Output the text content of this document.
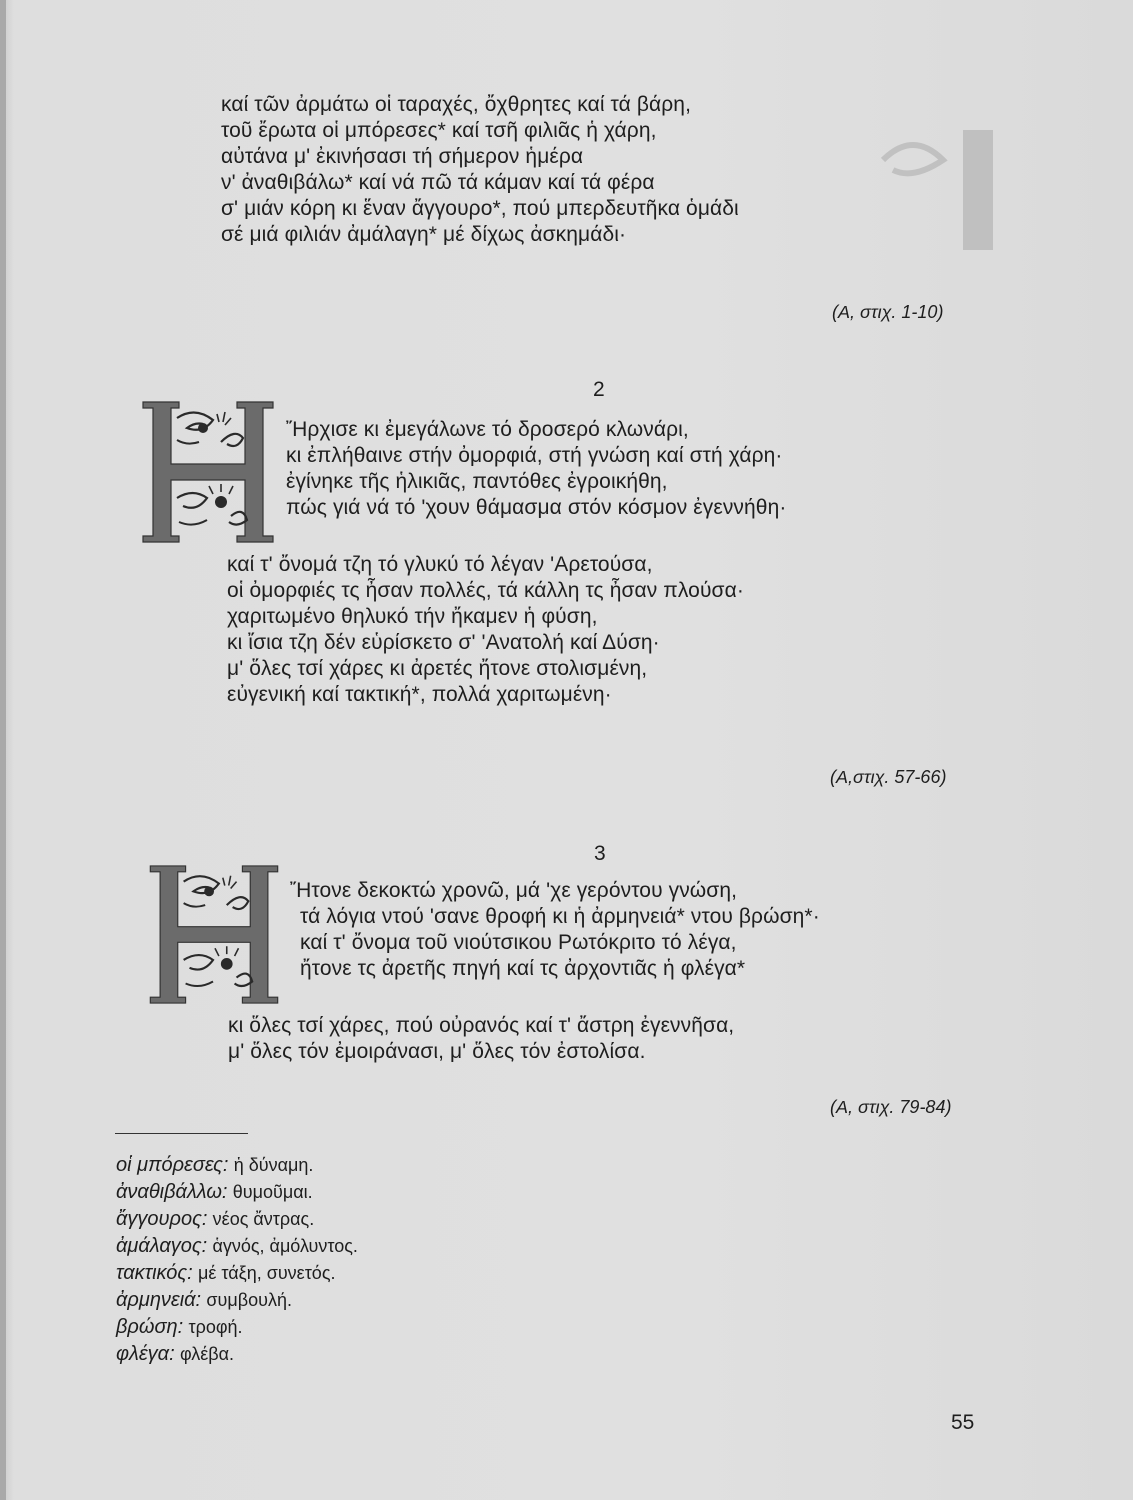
καί τῶν ἀρμάτω οἱ ταραχές, ὄχθρητες καί τά βάρη,
τοῦ ἔρωτα οἱ μπόρεσες* καί τσῆ φιλιᾶς ἡ χάρη,
αὐτάνα μ' ἐκινήσασι τή σήμερον ἡμέρα
ν' ἀναθιβάλω* καί νά πῶ τά κάμαν καί τά φέρα
σ' μιάν κόρη κι ἕναν ἄγγουρο*, πού μπερδευτῆκα ὁμάδι
σέ μιά φιλιάν ἀμάλαγη* μέ δίχως ἀσκημάδι·
(Α, στιχ. 1-10)
2
Ἤρχισε κι ἐμεγάλωνε τό δροσερό κλωνάρι,
κι ἐπλήθαινε στήν ὀμορφιά, στή γνώση καί στή χάρη·
ἐγίνηκε τῆς ἡλικιᾶς, παντόθες ἐγροικήθη,
πώς γιά νά τό 'χουν θάμασμα στόν κόσμον ἐγεννήθη·
καί τ' ὄνομά τζη τό γλυκύ τό λέγαν 'Αρετούσα,
οἱ ὀμορφιές τς ἦσαν πολλές, τά κάλλη τς ἦσαν πλούσα·
χαριτωμένο θηλυκό τήν ἤκαμεν ἡ φύση,
κι ἴσια τζη δέν εὑρίσκετο σ' 'Ανατολή καί Δύση·
μ' ὅλες τσί χάρες κι ἀρετές ἤτονε στολισμένη,
εὐγενική καί τακτική*, πολλά χαριτωμένη·
(Α,στιχ. 57-66)
3
Ἤτονε δεκοκτώ χρονῶ, μά 'χε γερόντου γνώση,
τά λόγια ντού 'σανε θροφή κι ἡ ἀρμηνειά* ντου βρώση*·
καί τ' ὄνομα τοῦ νιούτσικου Ρωτόκριτο τό λέγα,
ἤτονε τς ἀρετῆς πηγή καί τς ἀρχοντιᾶς ἡ φλέγα*
κι ὅλες τσί χάρες, πού οὐρανός καί τ' ἄστρη ἐγεννῆσα,
μ' ὅλες τόν ἐμοιράνασι, μ' ὅλες τόν ἐστολίσα.
(Α, στιχ. 79-84)
οἱ μπόρεσες: ἡ δύναμη.
ἀναθιβάλλω: θυμοῦμαι.
ἄγγουρος: νέος ἄντρας.
ἀμάλαγος: ἁγνός, ἀμόλυντος.
τακτικός: μέ τάξη, συνετός.
ἀρμηνειά: συμβουλή.
βρώση: τροφή.
φλέγα: φλέβα.
55
